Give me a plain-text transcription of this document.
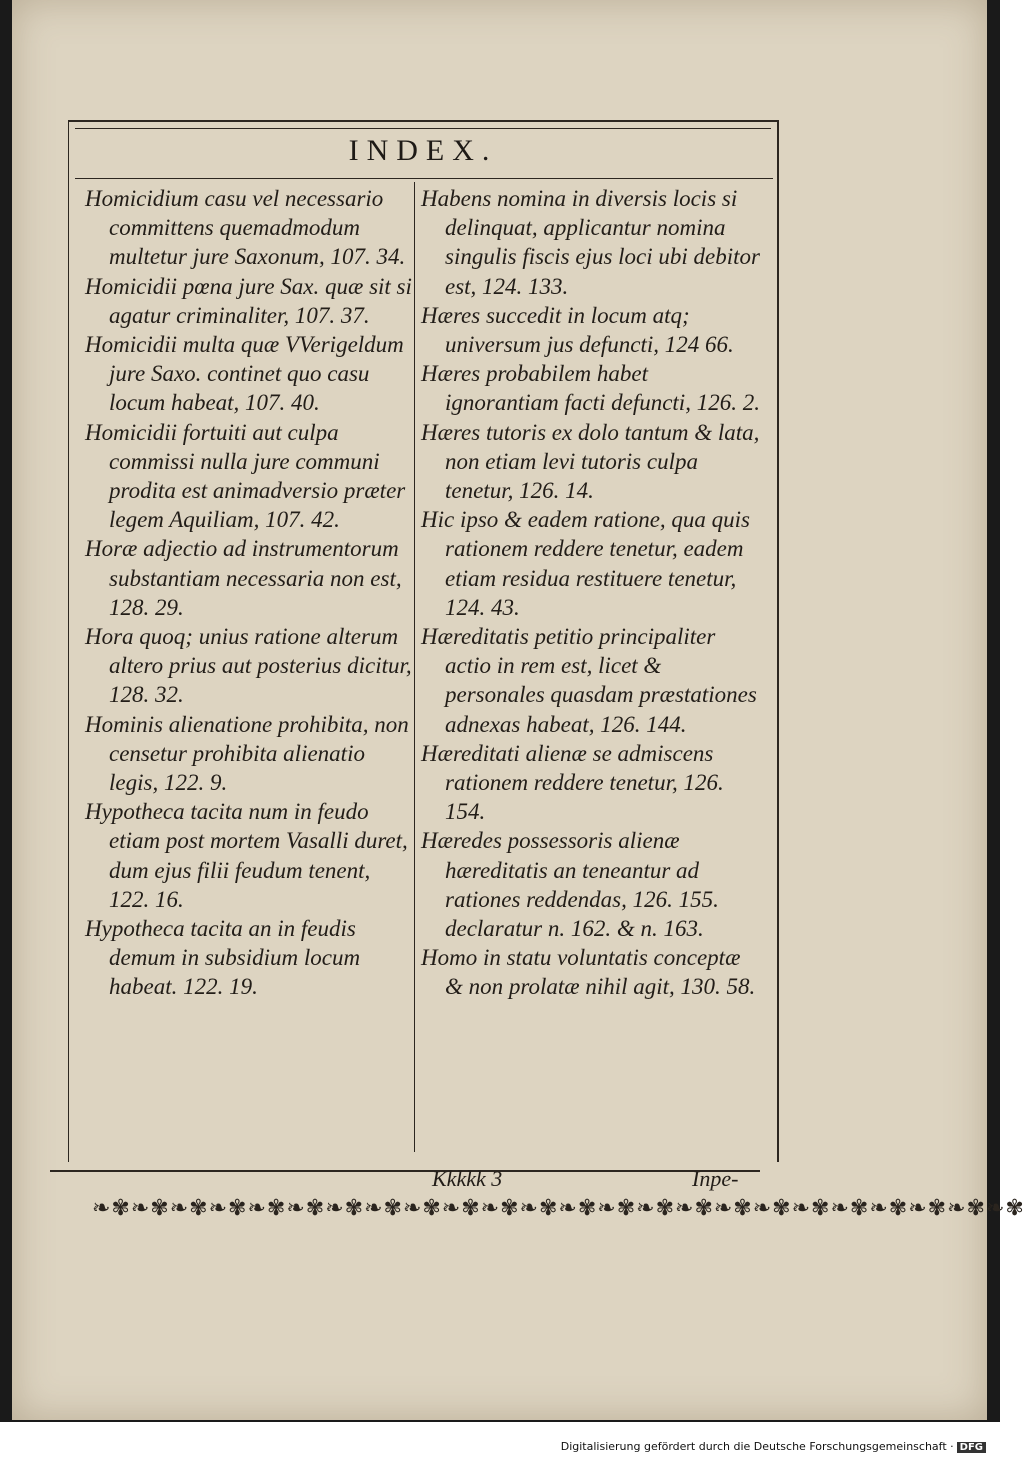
INDEX.

Homicidium casu vel necessario committens quemadmodum multetur jure Saxonum, 107. 34.

Homicidii pœna jure Sax. quæ sit si agatur criminaliter, 107. 37.

Homicidii multa quæ VVerigeldum jure Saxo. continet quo casu locum habeat, 107. 40.

Homicidii fortuiti aut culpa commissi nulla jure communi prodita est animadversio præter legem Aquiliam, 107. 42.

Horæ adjectio ad instrumentorum substantiam necessaria non est, 128. 29.

Hora quoq; unius ratione alterum altero prius aut posterius dicitur, 128. 32.

Hominis alienatione prohibita, non censetur prohibita alienatio legis, 122. 9.

Hypotheca tacita num in feudo etiam post mortem Vasalli duret, dum ejus filii feudum tenent, 122. 16.

Hypotheca tacita an in feudis demum in subsidium locum habeat. 122. 19.

Habens nomina in diversis locis si delinquat, applicantur nomina singulis fiscis ejus loci ubi debitor est, 124. 133.

Hæres succedit in locum atq; universum jus defuncti, 124 66.

Hæres probabilem habet ignorantiam facti defuncti, 126. 2.

Hæres tutoris ex dolo tantum & lata, non etiam levi tutoris culpa tenetur, 126. 14.

Hic ipso & eadem ratione, qua quis rationem reddere tenetur, eadem etiam residua restituere tenetur, 124. 43.

Hæreditatis petitio principaliter actio in rem est, licet & personales quasdam præstationes adnexas habeat, 126. 144.

Hæreditati alienæ se admiscens rationem reddere tenetur, 126. 154.

Hæredes possessoris alienæ hæreditatis an teneantur ad rationes reddendas, 126. 155. declaratur n. 162. & n. 163.

Homo in statu voluntatis conceptæ & non prolatæ nihil agit, 130. 58.

Kkkkk 3	Inpe-
❧✾❧✾❧✾❧✾❧✾❧✾❧✾❧✾❧✾❧✾❧✾❧✾❧✾❧✾❧✾❧✾❧✾❧✾❧✾❧✾❧✾❧✾❧✾❧✾
Digitalisierung gefördert durch die Deutsche Forschungsgemeinschaft · DFG
